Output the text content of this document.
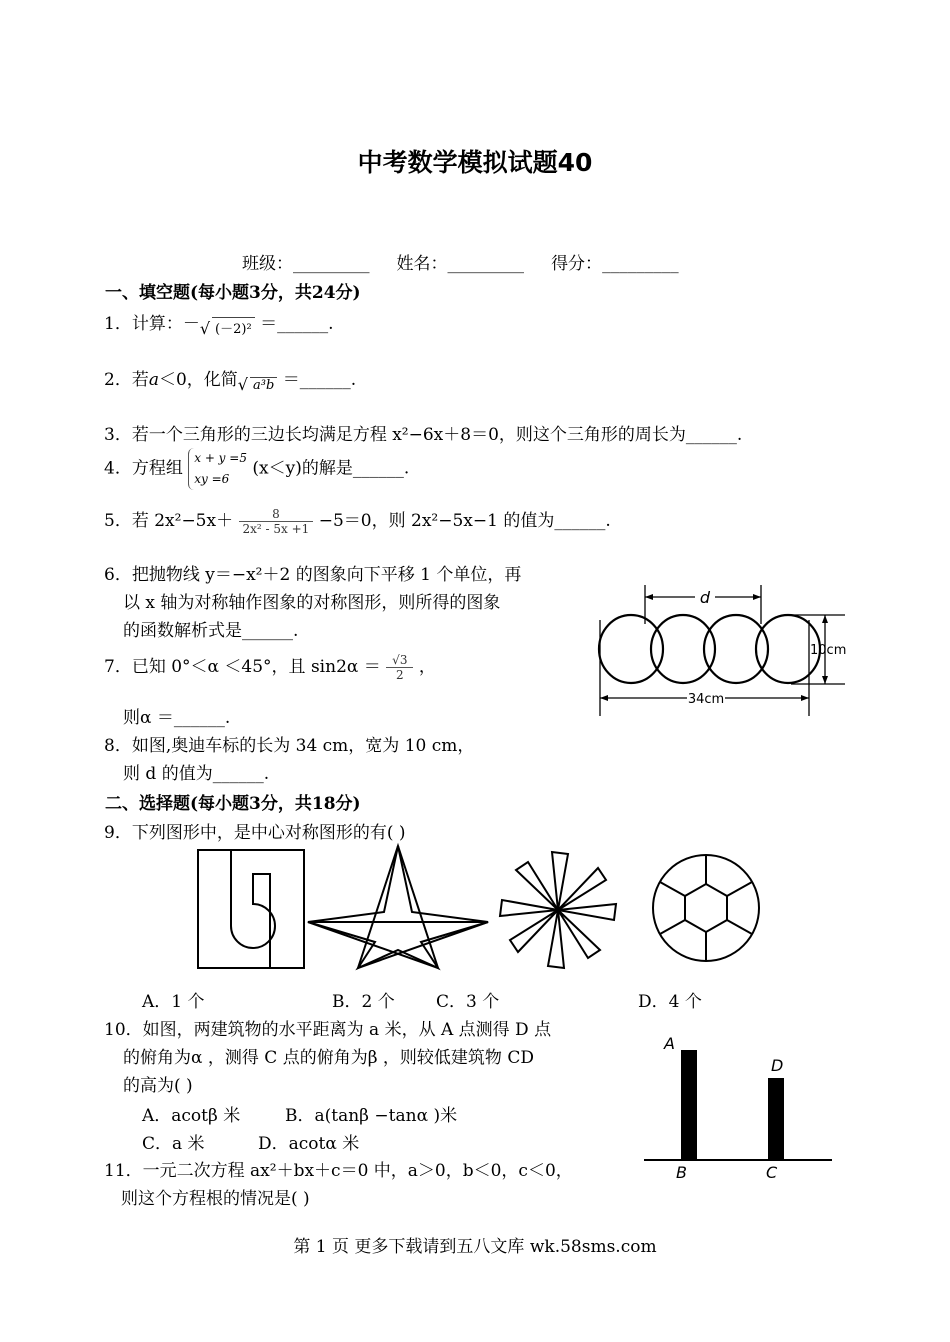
中考数学模拟试题40
班级：_________ 姓名：_________ 得分：_________
一、填空题(每小题3分，共24分)
1．计算：－√ (－2)² ＝______.
2．若a＜0，化简√ a³b ＝______.
3．若一个三角形的三边长均满足方程 x²−6x＋8＝0，则这个三角形的周长为______.
4．方程组
x + y =5
xy =6
(x＜y)的解是______.
5．若 $2x^2-5x+ \frac{8}{\text{2x² - 5x +1}} -5=0$，则 2x²−5x−1 的值为______.
6．把抛物线 y＝−x²＋2 的图象向下平移 1 个单位，再
以 x 轴为对称轴作图象的对称图形，则所得的图象
的函数解析式是______.
7．已知 0°＜α ＜45°，且 $\sin 2\alpha = \frac{√3}{2}$ ，
则α ＝______.
8．如图,奥迪车标的长为 34 cm，宽为 10 cm，
则 d 的值为______.
d
34cm
10cm
二、选择题(每小题3分，共18分)
9．下列图形中，是中心对称图形的有( )
A．1 个	B．2 个 C．3 个	D．4 个
10．如图，两建筑物的水平距离为 a 米，从 A 点测得 D 点
的俯角为α ，测得 C 点的俯角为β ，则较低建筑物 CD
的高为( )
A．acotβ 米	B．a(tanβ −tanα )米
C．a 米	D．acotα 米
A
B	C
D
11．一元二次方程 ax²＋bx＋c＝0 中，a＞0，b＜0，c＜0，
则这个方程根的情况是( )
第 1 页 更多下载请到五八文库 wk.58sms.com
